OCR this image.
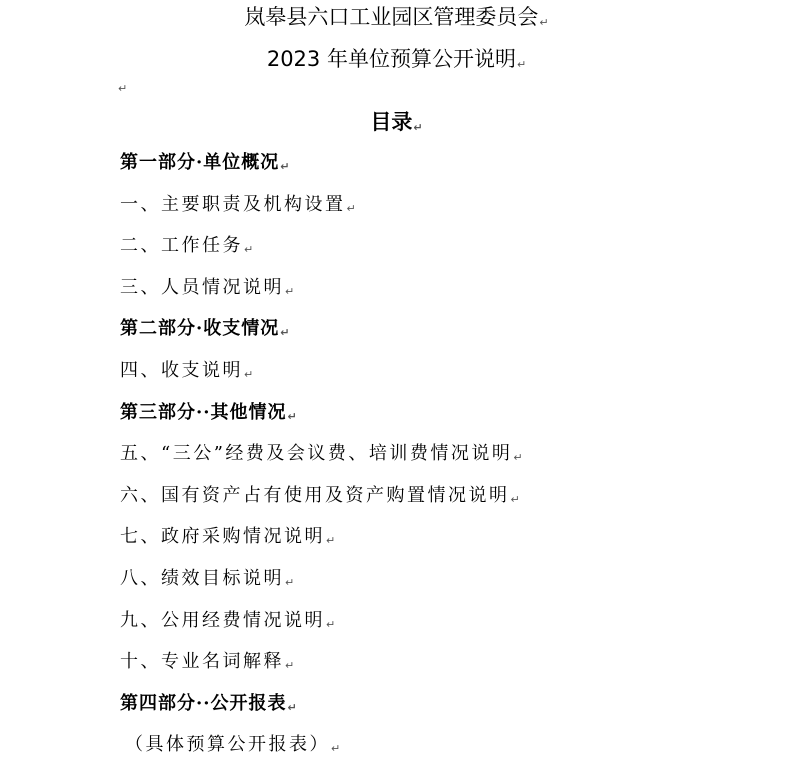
岚皋县六口工业园区管理委员会↵
2023 年单位预算公开说明↵
↵
目录↵
第一部分·单位概况↵
一、主要职责及机构设置↵
二、工作任务↵
三、人员情况说明↵
第二部分·收支情况↵
四、收支说明↵
第三部分··其他情况↵
五、“三公”经费及会议费、培训费情况说明↵
六、国有资产占有使用及资产购置情况说明↵
七、政府采购情况说明↵
八、绩效目标说明↵
九、公用经费情况说明↵
十、专业名词解释↵
第四部分··公开报表↵
（具体预算公开报表）↵
